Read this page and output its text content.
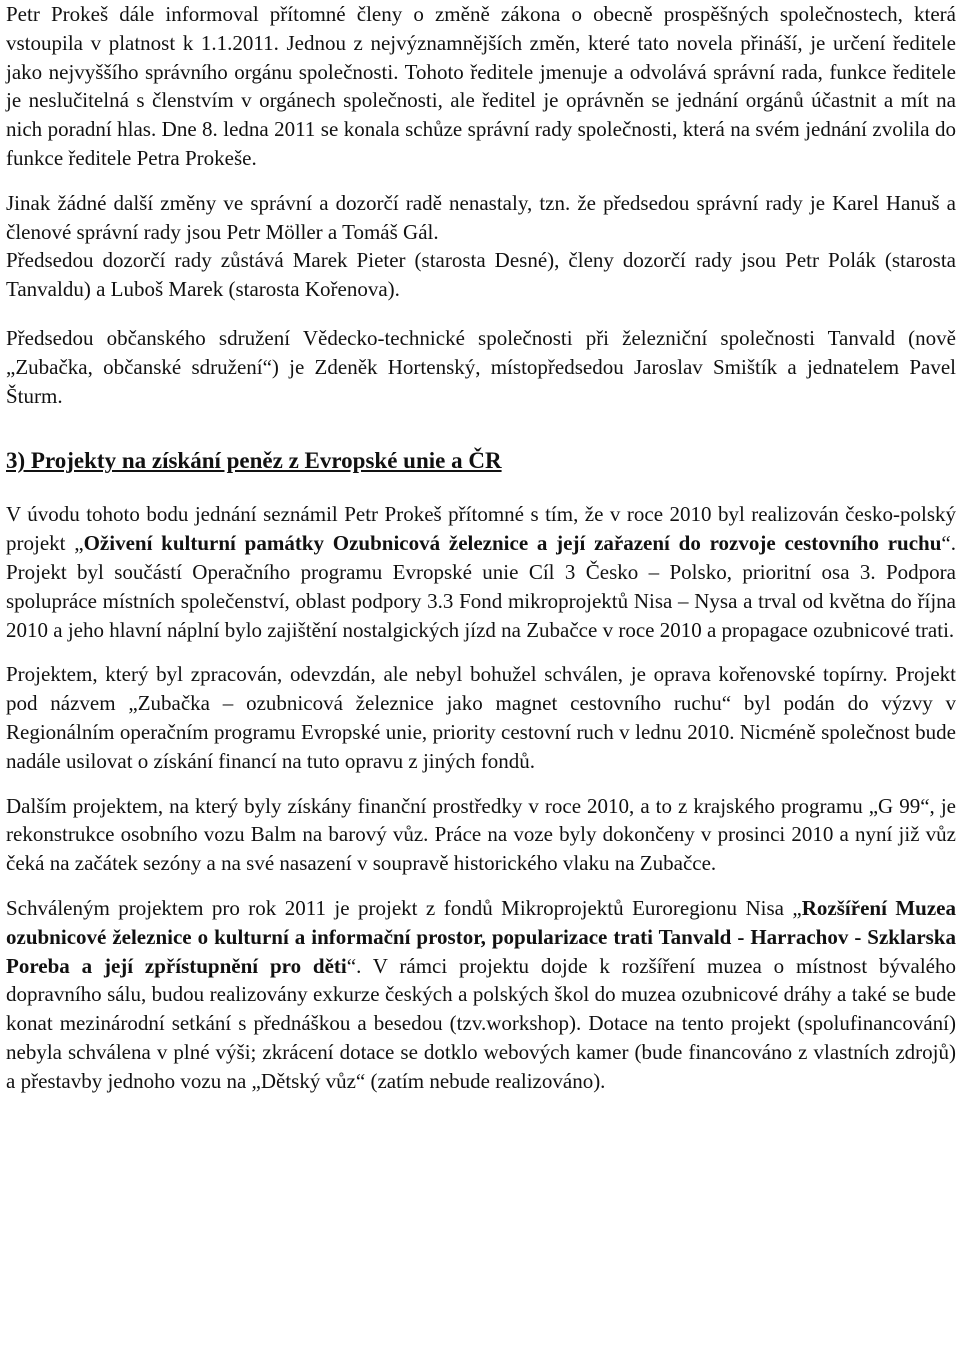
Petr Prokeš dále informoval přítomné členy o změně zákona o obecně prospěšných společnostech, která vstoupila v platnost k 1.1.2011. Jednou z nejvýznamnějších změn, které tato novela přináší, je určení ředitele jako nejvyššího správního orgánu společnosti. Tohoto ředitele jmenuje a odvolává správní rada, funkce ředitele je neslučitelná s členstvím v orgánech společnosti, ale ředitel je oprávněn se jednání orgánů účastnit a mít na nich poradní hlas. Dne 8. ledna 2011 se konala schůze správní rady společnosti, která na svém jednání zvolila do funkce ředitele Petra Prokeše.

Jinak žádné další změny ve správní a dozorčí radě nenastaly, tzn. že předsedou správní rady je Karel Hanuš a členové správní rady jsou Petr Möller a Tomáš Gál.

Předsedou dozorčí rady zůstává Marek Pieter (starosta Desné), členy dozorčí rady jsou Petr Polák (starosta Tanvaldu) a Luboš Marek (starosta Kořenova).

Předsedou občanského sdružení Vědecko-technické společnosti při železniční společnosti Tanvald (nově „Zubačka, občanské sdružení“) je Zdeněk Hortenský, místopředsedou Jaroslav Smištík a jednatelem Pavel Šturm.

3) Projekty na získání peněz z Evropské unie a ČR

V úvodu tohoto bodu jednání seznámil Petr Prokeš přítomné s tím, že v roce 2010 byl realizován česko-polský projekt „Oživení kulturní památky Ozubnicová železnice a její zařazení do rozvoje cestovního ruchu“. Projekt byl součástí Operačního programu Evropské unie Cíl 3 Česko – Polsko, prioritní osa 3. Podpora spolupráce místních společenství, oblast podpory 3.3 Fond mikroprojektů Nisa – Nysa a trval od května do října 2010 a jeho hlavní náplní bylo zajištění nostalgických jízd na Zubačce v roce 2010 a propagace ozubnicové trati.

Projektem, který byl zpracován, odevzdán, ale nebyl bohužel schválen, je oprava kořenovské topírny. Projekt pod názvem „Zubačka – ozubnicová železnice jako magnet cestovního ruchu“ byl podán do výzvy v Regionálním operačním programu Evropské unie, priority cestovní ruch v lednu 2010. Nicméně společnost bude nadále usilovat o získání financí na tuto opravu z jiných fondů.

Dalším projektem, na který byly získány finanční prostředky v roce 2010, a to z krajského programu „G 99“, je rekonstrukce osobního vozu Balm na barový vůz. Práce na voze byly dokončeny v prosinci 2010 a nyní již vůz čeká na začátek sezóny a na své nasazení v soupravě historického vlaku na Zubačce.

Schváleným projektem pro rok 2011 je projekt z fondů Mikroprojektů Euroregionu Nisa „Rozšíření Muzea ozubnicové železnice o kulturní a informační prostor, popularizace trati Tanvald - Harrachov - Szklarska Poreba a její zpřístupnění pro děti“. V rámci projektu dojde k rozšíření muzea o místnost bývalého dopravního sálu, budou realizovány exkurze českých a polských škol do muzea ozubnicové dráhy a také se bude konat mezinárodní setkání s přednáškou a besedou (tzv.workshop). Dotace na tento projekt (spolufinancování) nebyla schválena v plné výši; zkrácení dotace se dotklo webových kamer (bude financováno z vlastních zdrojů) a přestavby jednoho vozu na „Dětský vůz“ (zatím nebude realizováno).
